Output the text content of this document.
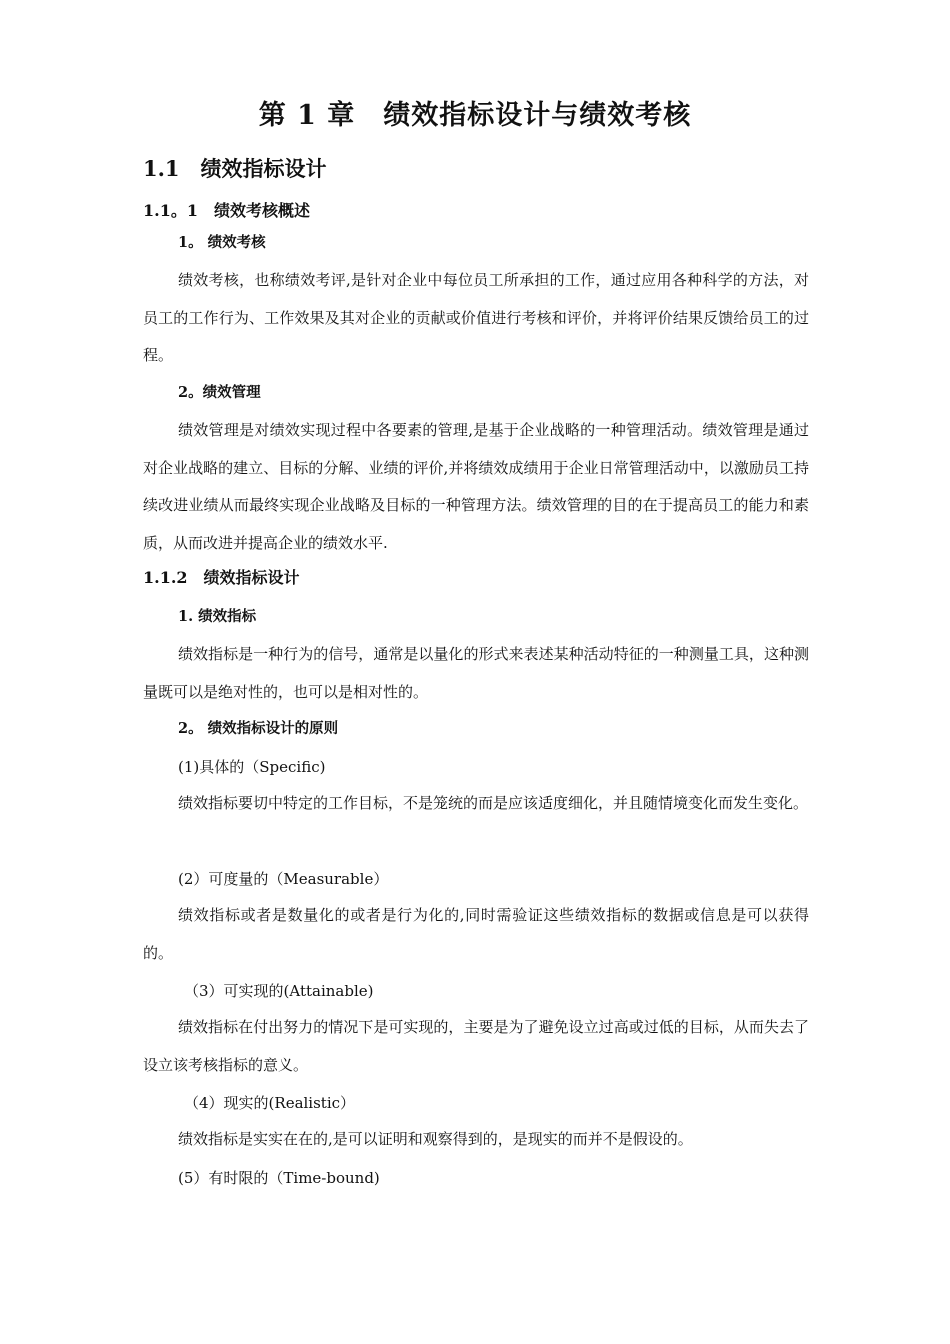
第 1 章　绩效指标设计与绩效考核
1.1　绩效指标设计
1.1。1　绩效考核概述
1。 绩效考核

绩效考核，也称绩效考评,是针对企业中每位员工所承担的工作，通过应用各种科学的方法，对员工的工作行为、工作效果及其对企业的贡献或价值进行考核和评价，并将评价结果反馈给员工的过程。

2。绩效管理

绩效管理是对绩效实现过程中各要素的管理,是基于企业战略的一种管理活动。绩效管理是通过对企业战略的建立、目标的分解、业绩的评价,并将绩效成绩用于企业日常管理活动中，以激励员工持续改进业绩从而最终实现企业战略及目标的一种管理方法。绩效管理的目的在于提高员工的能力和素质，从而改进并提高企业的绩效水平.

1.1.2　绩效指标设计
1. 绩效指标

绩效指标是一种行为的信号，通常是以量化的形式来表述某种活动特征的一种测量工具，这种测量既可以是绝对性的，也可以是相对性的。

2。 绩效指标设计的原则
(1)具体的（Specific)

绩效指标要切中特定的工作目标，不是笼统的而是应该适度细化，并且随情境变化而发生变化。

(2）可度量的（Measurable）

绩效指标或者是数量化的或者是行为化的,同时需验证这些绩效指标的数据或信息是可以获得的。

（3）可实现的(Attainable)

绩效指标在付出努力的情况下是可实现的，主要是为了避免设立过高或过低的目标，从而失去了设立该考核指标的意义。

（4）现实的(Realistic）

绩效指标是实实在在的,是可以证明和观察得到的，是现实的而并不是假设的。

(5）有时限的（Time-bound)
